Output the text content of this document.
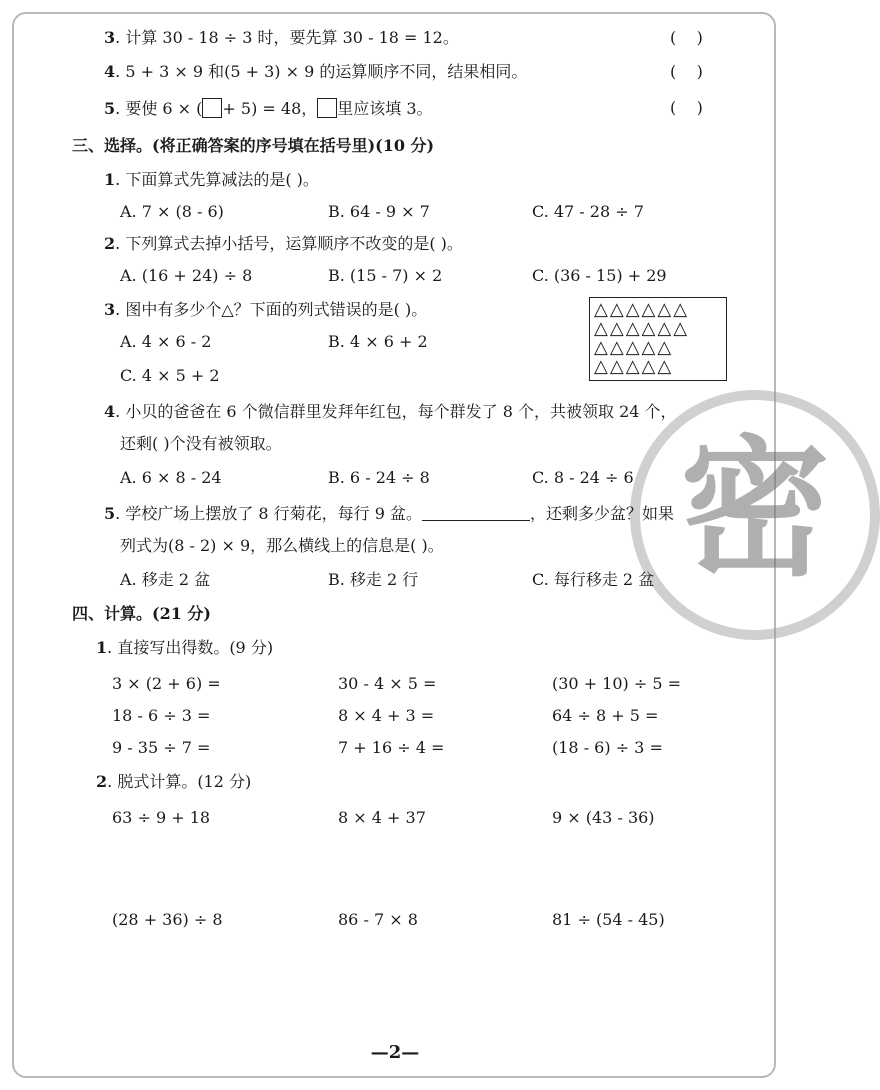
密
3. 计算 30 - 18 ÷ 3 时，要先算 30 - 18 = 12。	(    )
4. 5 + 3 × 9 和(5 + 3) × 9 的运算顺序不同，结果相同。	(    )
5. 要使 6 × ( + 5) = 48， 里应该填 3。	(    )
三、选择。(将正确答案的序号填在括号里)(10 分)
1. 下面算式先算减法的是( )。
A. 7 × (8 - 6)	B. 64 - 9 × 7	C. 47 - 28 ÷ 7
2. 下列算式去掉小括号，运算顺序不改变的是( )。
A. (16 + 24) ÷ 8	B. (15 - 7) × 2	C. (36 - 15) + 29
3. 图中有多少个△？下面的列式错误的是( )。
A. 4 × 6 - 2	B. 4 × 6 + 2
C. 4 × 5 + 2
△ △ △ △ △ △
△ △ △ △ △ △
△ △ △ △ △
△ △ △ △ △
4. 小贝的爸爸在 6 个微信群里发拜年红包，每个群发了 8 个，共被领取 24 个，
还剩( )个没有被领取。
A. 6 × 8 - 24	B. 6 - 24 ÷ 8	C. 8 - 24 ÷ 6
5. 学校广场上摆放了 8 行菊花，每行 9 盆。	，还剩多少盆？如果
列式为(8 - 2) × 9，那么横线上的信息是( )。
A. 移走 2 盆	B. 移走 2 行	C. 每行移走 2 盆
四、计算。(21 分)
1. 直接写出得数。(9 分)
3 × (2 + 6) =	30 - 4 × 5 =	(30 + 10) ÷ 5 =
18 - 6 ÷ 3 =	8 × 4 + 3 =	64 ÷ 8 + 5 =
9 - 35 ÷ 7 =	7 + 16 ÷ 4 =	(18 - 6) ÷ 3 =
2. 脱式计算。(12 分)
63 ÷ 9 + 18	8 × 4 + 37	9 × (43 - 36)
(28 + 36) ÷ 8	86 - 7 × 8	81 ÷ (54 - 45)
—2—
